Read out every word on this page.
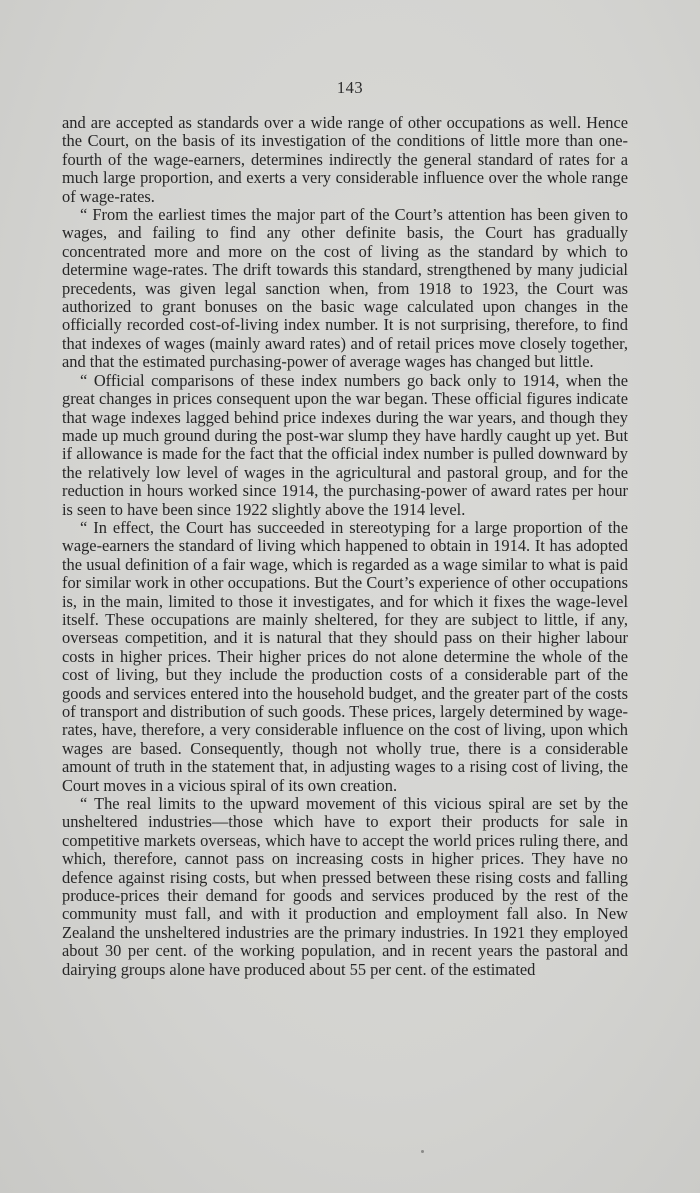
143

and are accepted as standards over a wide range of other occupations as well. Hence the Court, on the basis of its investigation of the conditions of little more than one-fourth of the wage-earners, determines indirectly the general standard of rates for a much large proportion, and exerts a very considerable influence over the whole range of wage-rates.

“ From the earliest times the major part of the Court’s attention has been given to wages, and failing to find any other definite basis, the Court has gradually concentrated more and more on the cost of living as the standard by which to determine wage-rates. The drift towards this standard, strengthened by many judicial precedents, was given legal sanction when, from 1918 to 1923, the Court was authorized to grant bonuses on the basic wage calculated upon changes in the officially recorded cost-of-living index number. It is not surprising, therefore, to find that indexes of wages (mainly award rates) and of retail prices move closely together, and that the estimated purchasing-power of average wages has changed but little.

“ Official comparisons of these index numbers go back only to 1914, when the great changes in prices consequent upon the war began. These official figures indicate that wage indexes lagged behind price indexes during the war years, and though they made up much ground during the post-war slump they have hardly caught up yet. But if allowance is made for the fact that the official index number is pulled downward by the relatively low level of wages in the agricultural and pastoral group, and for the reduction in hours worked since 1914, the purchasing-power of award rates per hour is seen to have been since 1922 slightly above the 1914 level.

“ In effect, the Court has succeeded in stereotyping for a large proportion of the wage-earners the standard of living which happened to obtain in 1914. It has adopted the usual definition of a fair wage, which is regarded as a wage similar to what is paid for similar work in other occupations. But the Court’s experience of other occupations is, in the main, limited to those it investigates, and for which it fixes the wage-level itself. These occupations are mainly sheltered, for they are subject to little, if any, overseas competition, and it is natural that they should pass on their higher labour costs in higher prices. Their higher prices do not alone determine the whole of the cost of living, but they include the production costs of a considerable part of the goods and services entered into the household budget, and the greater part of the costs of transport and distribution of such goods. These prices, largely determined by wage-rates, have, therefore, a very considerable influence on the cost of living, upon which wages are based. Consequently, though not wholly true, there is a considerable amount of truth in the statement that, in adjusting wages to a rising cost of living, the Court moves in a vicious spiral of its own creation.

“ The real limits to the upward movement of this vicious spiral are set by the unsheltered industries—those which have to export their products for sale in competitive markets overseas, which have to accept the world prices ruling there, and which, therefore, cannot pass on increasing costs in higher prices. They have no defence against rising costs, but when pressed between these rising costs and falling produce-prices their demand for goods and services produced by the rest of the community must fall, and with it production and employment fall also. In New Zealand the unsheltered industries are the primary industries. In 1921 they employed about 30 per cent. of the working population, and in recent years the pastoral and dairying groups alone have produced about 55 per cent. of the estimated
